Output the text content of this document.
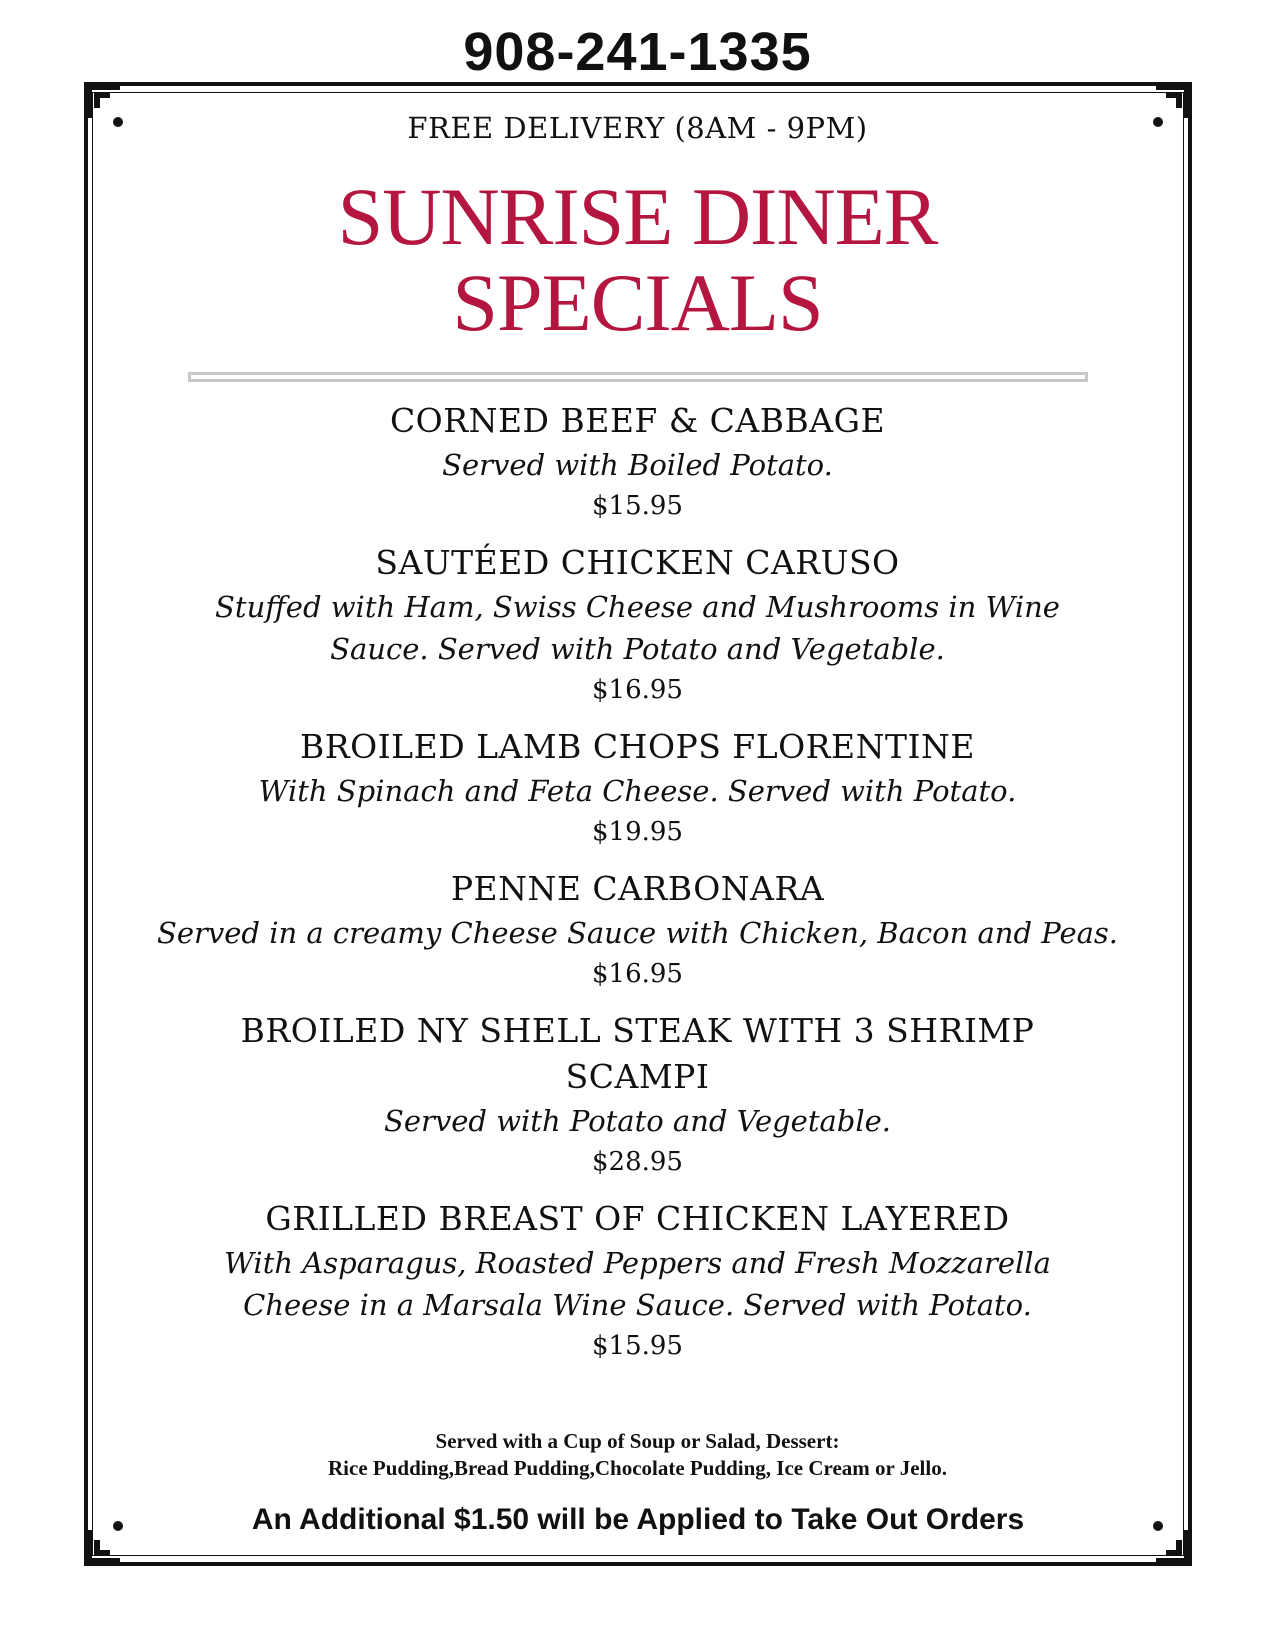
908-241-1335
FREE DELIVERY (8AM - 9PM)
SUNRISE DINER SPECIALS
CORNED BEEF & CABBAGE
Served with Boiled Potato.
$15.95
SAUTÉED CHICKEN CARUSO
Stuffed with Ham, Swiss Cheese and Mushrooms in Wine Sauce. Served with Potato and Vegetable.
$16.95
BROILED LAMB CHOPS FLORENTINE
With Spinach and Feta Cheese. Served with Potato.
$19.95
PENNE CARBONARA
Served in a creamy Cheese Sauce with Chicken, Bacon and Peas.
$16.95
BROILED NY SHELL STEAK WITH 3 SHRIMP SCAMPI
Served with Potato and Vegetable.
$28.95
GRILLED BREAST OF CHICKEN LAYERED
With Asparagus, Roasted Peppers and Fresh Mozzarella Cheese in a Marsala Wine Sauce. Served with Potato.
$15.95
Served with a Cup of Soup or Salad, Dessert:
Rice Pudding,Bread Pudding,Chocolate Pudding, Ice Cream or Jello.
An Additional $1.50 will be Applied to Take Out Orders
